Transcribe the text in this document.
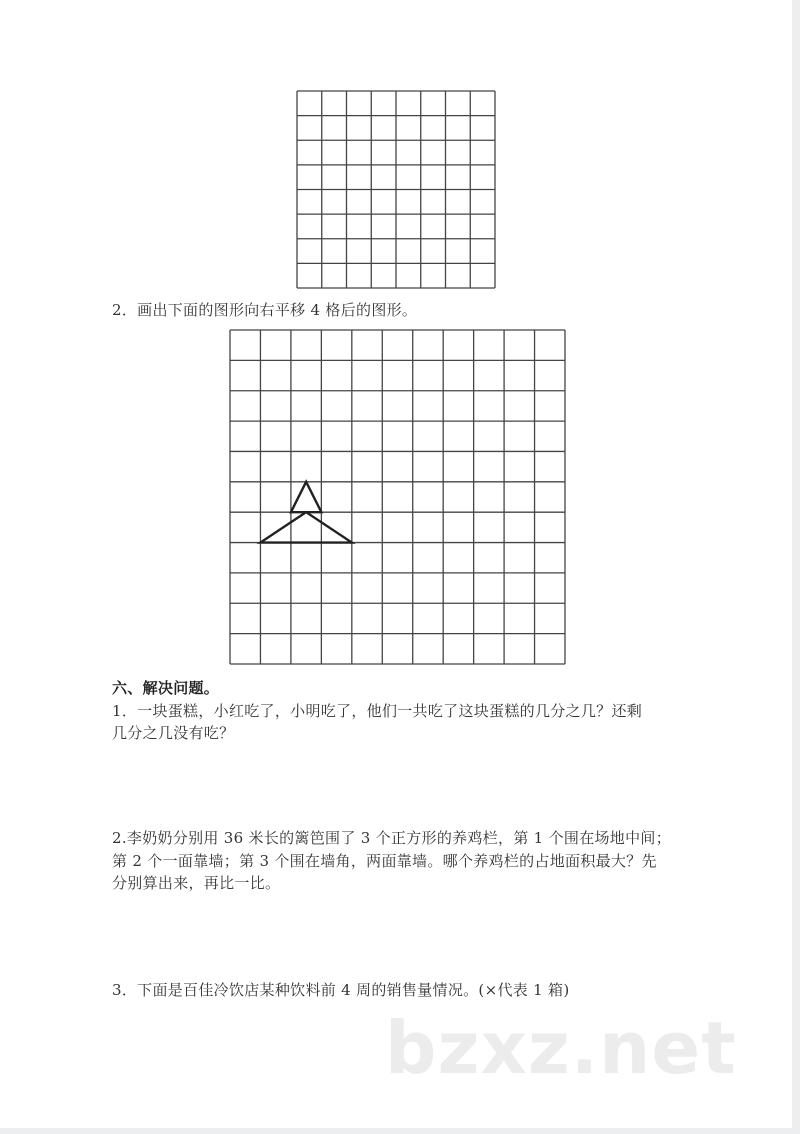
2．画出下面的图形向右平移 4 格后的图形。
六、解决问题。
1．一块蛋糕，小红吃了，小明吃了，他们一共吃了这块蛋糕的几分之几？还剩
几分之几没有吃？
2.李奶奶分别用 36 米长的篱笆围了 3 个正方形的养鸡栏，第 1 个围在场地中间；
第 2 个一面靠墙；第 3 个围在墙角，两面靠墙。哪个养鸡栏的占地面积最大？先
分别算出来，再比一比。
3．下面是百佳冷饮店某种饮料前 4 周的销售量情况。(×代表 1 箱)
bzxz.net
